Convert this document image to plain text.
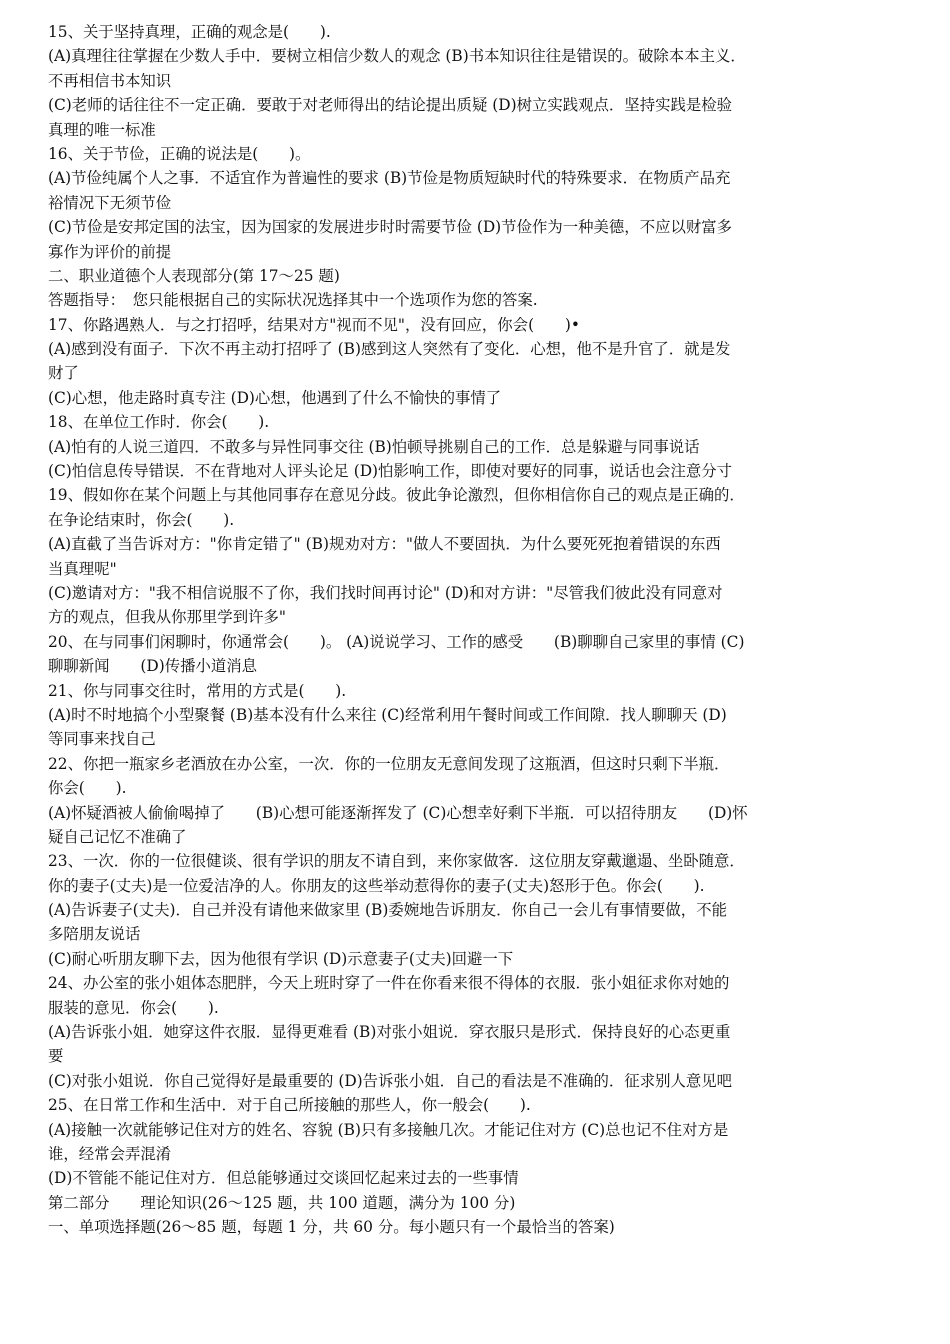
15、关于坚持真理，正确的观念是(　　).
(A)真理往往掌握在少数人手中．要树立相信少数人的观念 (B)书本知识往往是错误的。破除本本主义．
不再相信书本知识
(C)老师的话往往不一定正确．要敢于对老师得出的结论提出质疑 (D)树立实践观点．坚持实践是检验
真理的唯一标准
16、关于节俭，正确的说法是(　　)。
(A)节俭纯属个人之事．不适宜作为普遍性的要求 (B)节俭是物质短缺时代的特殊要求．在物质产品充
裕情况下无须节俭
(C)节俭是安邦定国的法宝，因为国家的发展进步时时需要节俭 (D)节俭作为一种美德，不应以财富多
寡作为评价的前提
二、职业道德个人表现部分(第 17～25 题)
答题指导：　您只能根据自己的实际状况选择其中一个选项作为您的答案.
17、你路遇熟人．与之打招呼，结果对方"视而不见"，没有回应，你会(　　)•
(A)感到没有面子．下次不再主动打招呼了 (B)感到这人突然有了变化．心想，他不是升官了．就是发
财了
(C)心想，他走路时真专注 (D)心想，他遇到了什么不愉快的事情了
18、在单位工作时．你会(　　).
(A)怕有的人说三道四．不敢多与异性同事交往 (B)怕顿导挑剔自己的工作．总是躲避与同事说话
(C)怕信息传导错误．不在背地对人评头论足 (D)怕影响工作，即使对要好的同事，说话也会注意分寸
19、假如你在某个问题上与其他同事存在意见分歧。彼此争论激烈，但你相信你自己的观点是正确的．
在争论结束时，你会(　　).
(A)直截了当告诉对方："你肯定错了" (B)规劝对方："做人不要固执．为什么要死死抱着错误的东西
当真理呢"
(C)邀请对方："我不相信说服不了你，我们找时间再讨论" (D)和对方讲："尽管我们彼此没有同意对
方的观点，但我从你那里学到许多"
20、在与同事们闲聊时，你通常会(　　)。 (A)说说学习、工作的感受　　(B)聊聊自己家里的事情 (C)
聊聊新闻　　(D)传播小道消息
21、你与同事交往时，常用的方式是(　　).
(A)时不时地搞个小型聚餐 (B)基本没有什么来往 (C)经常利用午餐时间或工作间隙．找人聊聊天 (D)
等同事来找自己
22、你把一瓶家乡老酒放在办公室，一次．你的一位朋友无意间发现了这瓶酒，但这时只剩下半瓶．
你会(　　).
(A)怀疑酒被人偷偷喝掉了　　(B)心想可能逐渐挥发了 (C)心想幸好剩下半瓶．可以招待朋友　　(D)怀
疑自己记忆不准确了
23、一次．你的一位很健谈、很有学识的朋友不请自到，来你家做客．这位朋友穿戴邋遢、坐卧随意．
你的妻子(丈夫)是一位爱洁净的人。你朋友的这些举动惹得你的妻子(丈夫)怒形于色。你会(　　).
(A)告诉妻子(丈夫)．自己并没有请他来做家里 (B)委婉地告诉朋友．你自己一会儿有事情要做，不能
多陪朋友说话
(C)耐心听朋友聊下去，因为他很有学识 (D)示意妻子(丈夫)回避一下
24、办公室的张小姐体态肥胖，今天上班时穿了一件在你看来很不得体的衣服．张小姐征求你对她的
服装的意见．你会(　　).
(A)告诉张小姐．她穿这件衣服．显得更难看 (B)对张小姐说．穿衣服只是形式．保持良好的心态更重
要
(C)对张小姐说．你自己觉得好是最重要的 (D)告诉张小姐．自己的看法是不准确的．征求别人意见吧
25、在日常工作和生活中．对于自己所接触的那些人，你一般会(　　).
(A)接触一次就能够记住对方的姓名、容貌 (B)只有多接触几次。才能记住对方 (C)总也记不住对方是
谁，经常会弄混淆
(D)不管能不能记住对方．但总能够通过交谈回忆起来过去的一些事情
第二部分　　理论知识(26～125 题，共 100 道题，满分为 100 分)
一、单项选择题(26～85 题，每题 1 分，共 60 分。每小题只有一个最恰当的答案)
